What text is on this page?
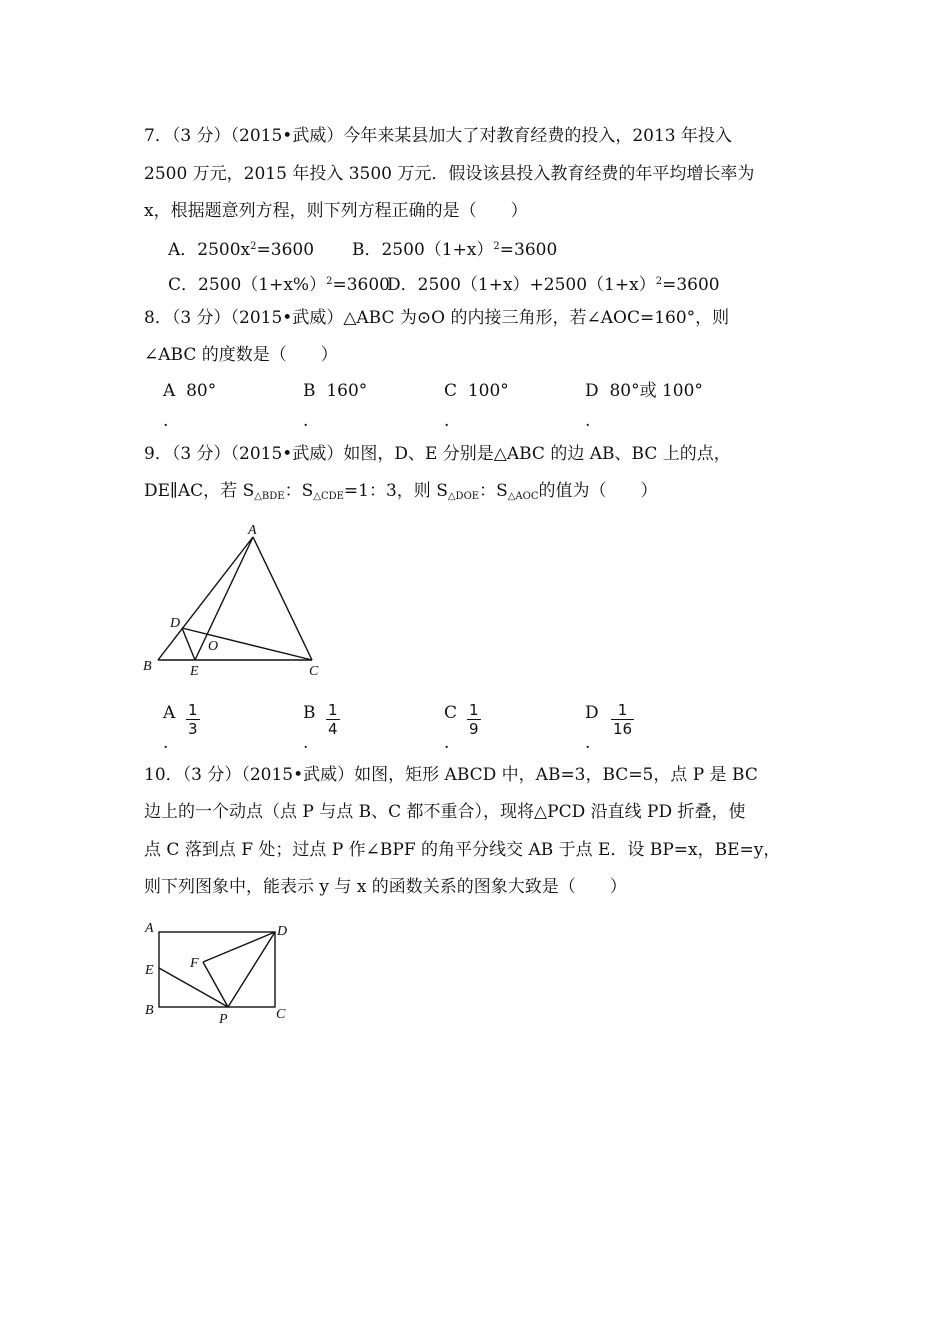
7．（3 分）（2015•武威）今年来某县加大了对教育经费的投入，2013 年投入
2500 万元，2015 年投入 3500 万元．假设该县投入教育经费的年平均增长率为
x，根据题意列方程，则下列方程正确的是（　　）
A．$2500x^2=3600$ B．$2500(1+x)^2=3600$
C．$2500(1+x\%)^2=3600$
D．$2500(1+x)+2500(1+x)^2=3600$
8．（3 分）（2015•武威）△ABC 为⊙O 的内接三角形，若∠AOC=160°，则
∠ABC 的度数是（　　）
A 80°	B 160°	C 100°	D 80°或 100°
.	.	.	.
9．（3 分）（2015•武威）如图，D、E 分别是△ABC 的边 AB、BC 上的点，
DE∥AC，若 $S_{\triangle BDE}$：$S_{\triangle CDE}=1$：3，则 $S_{\triangle DOE}$：$S_{\triangle AOC}$的值为（　　）
A
B	C
D
E
O
A 1
3
B 1
4
C 1
9
D	1
16
.	.	.	.
10．（3 分）（2015•武威）如图，矩形 ABCD 中，AB=3，BC=5，点 P 是 BC
边上的一个动点（点 P 与点 B、C 都不重合），现将△PCD 沿直线 PD 折叠，使
点 C 落到点 F 处；过点 P 作∠BPF 的角平分线交 AB 于点 E．设 BP=x，BE=y，
则下列图象中，能表示 y 与 x 的函数关系的图象大致是（　　）
A
E
B
F
P
D
C
